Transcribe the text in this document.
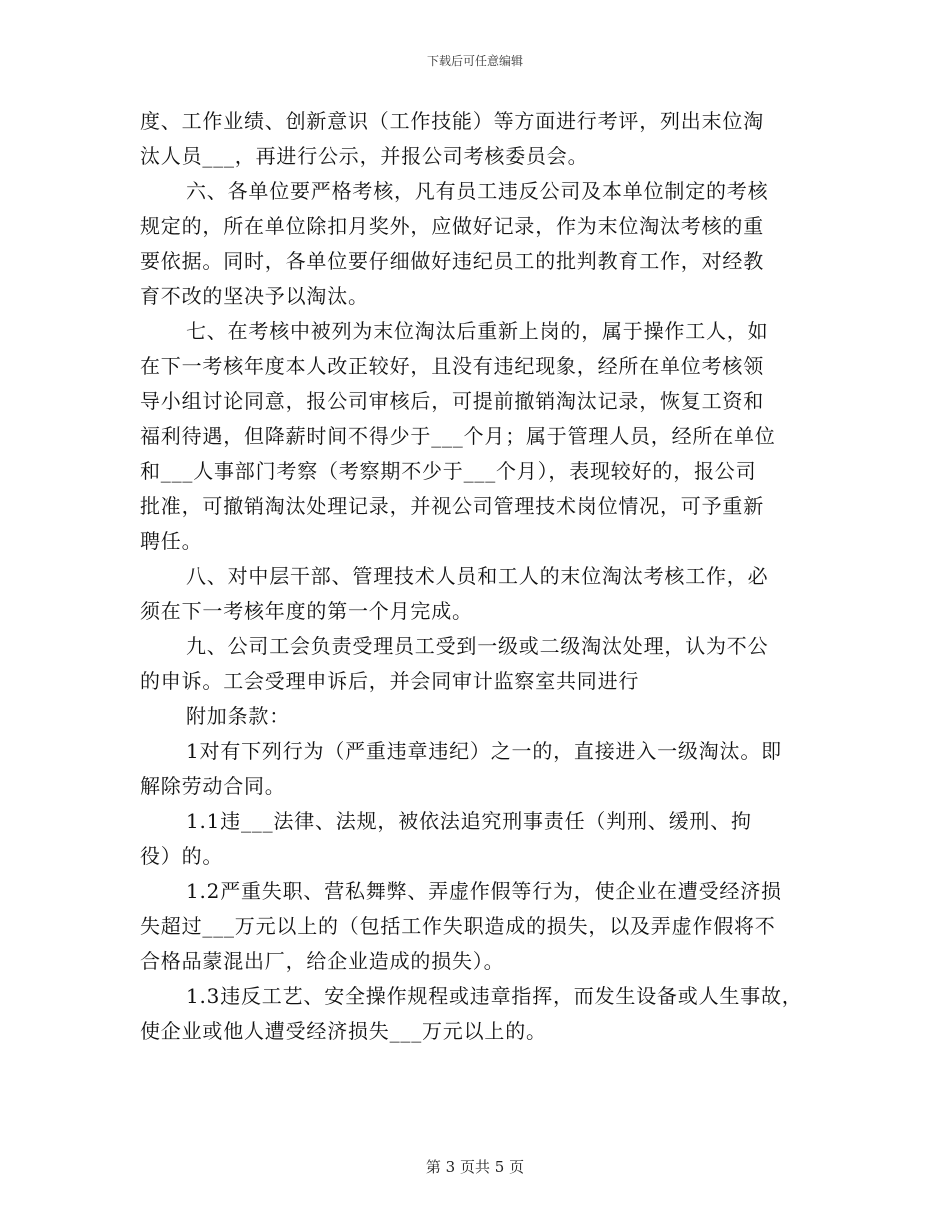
下载后可任意编辑
度、工作业绩、创新意识（工作技能）等方面进行考评，列出末位淘
汰人员___，再进行公示，并报公司考核委员会。
六、各单位要严格考核，凡有员工违反公司及本单位制定的考核
规定的，所在单位除扣月奖外，应做好记录，作为末位淘汰考核的重
要依据。同时，各单位要仔细做好违纪员工的批判教育工作，对经教
育不改的坚决予以淘汰。
七、在考核中被列为末位淘汰后重新上岗的，属于操作工人，如
在下一考核年度本人改正较好，且没有违纪现象，经所在单位考核领
导小组讨论同意，报公司审核后，可提前撤销淘汰记录，恢复工资和
福利待遇，但降薪时间不得少于___个月；属于管理人员，经所在单位
和___人事部门考察（考察期不少于___个月），表现较好的，报公司
批准，可撤销淘汰处理记录，并视公司管理技术岗位情况，可予重新
聘任。
八、对中层干部、管理技术人员和工人的末位淘汰考核工作，必
须在下一考核年度的第一个月完成。
九、公司工会负责受理员工受到一级或二级淘汰处理，认为不公
的申诉。工会受理申诉后，并会同审计监察室共同进行
附加条款：
1对有下列行为（严重违章违纪）之一的，直接进入一级淘汰。即
解除劳动合同。
1.1违___法律、法规，被依法追究刑事责任（判刑、缓刑、拘
役）的。
1.2严重失职、营私舞弊、弄虚作假等行为，使企业在遭受经济损
失超过___万元以上的（包括工作失职造成的损失，以及弄虚作假将不
合格品蒙混出厂，给企业造成的损失）。
1.3违反工艺、安全操作规程或违章指挥，而发生设备或人生事故，
使企业或他人遭受经济损失___万元以上的。
第 3 页共 5 页
